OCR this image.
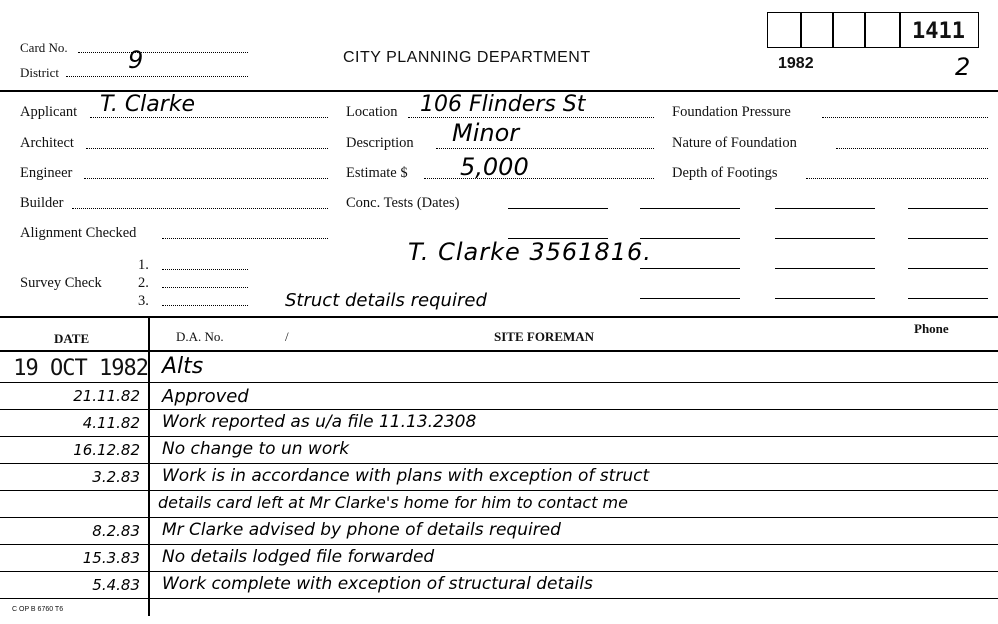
Card No.
District	9	CITY PLANNING DEPARTMENT	1982
1411
2
Applicant T. Clarke
Architect
Engineer
Builder
Alignment Checked
Survey Check
1.
2.
3.
Location 106 Flinders St
Description Minor
Estimate $ 5,000
Conc. Tests (Dates)
T. Clarke 3561816.
Struct details required
Foundation Pressure
Nature of Foundation
Depth of Footings
DATE	D.A. No.	/	SITE FOREMAN
Phone
19 OCT 1982 Alts
21.11.82	Approved
4.11.82	Work reported as u/a file 11.13.2308
16.12.82	No change to un work
3.2.83	Work is in accordance with plans with exception of struct
details card left at Mr Clarke's home for him to contact me
8.2.83	Mr Clarke advised by phone of details required
15.3.83	No details lodged file forwarded
5.4.83	Work complete with exception of structural details
C OP B 6760 T6
